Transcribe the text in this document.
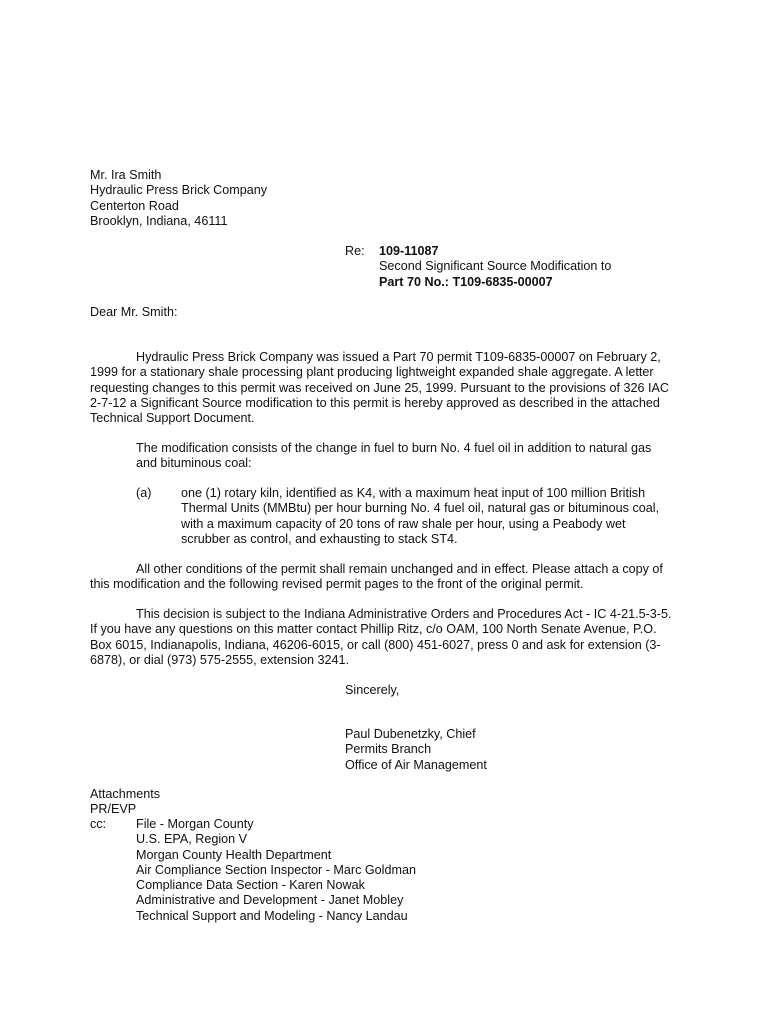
Mr. Ira Smith
Hydraulic Press Brick Company
Centerton Road
Brooklyn, Indiana, 46111
Re: 109-11087
Second Significant Source Modification to
Part 70 No.: T109-6835-00007
Dear Mr. Smith:
Hydraulic Press Brick Company was issued a Part 70 permit T109-6835-00007 on February 2,
1999 for a stationary shale processing plant producing lightweight expanded shale aggregate. A letter
requesting changes to this permit was received on June 25, 1999. Pursuant to the provisions of 326 IAC
2-7-12 a Significant Source modification to this permit is hereby approved as described in the attached
Technical Support Document.
The modification consists of the change in fuel to burn No. 4 fuel oil in addition to natural gas
and bituminous coal:
(a) one (1) rotary kiln, identified as K4, with a maximum heat input of 100 million British
Thermal Units (MMBtu) per hour burning No. 4 fuel oil, natural gas or bituminous coal,
with a maximum capacity of 20 tons of raw shale per hour, using a Peabody wet
scrubber as control, and exhausting to stack ST4.
All other conditions of the permit shall remain unchanged and in effect. Please attach a copy of
this modification and the following revised permit pages to the front of the original permit.
This decision is subject to the Indiana Administrative Orders and Procedures Act - IC 4-21.5-3-5.
If you have any questions on this matter contact Phillip Ritz, c/o OAM, 100 North Senate Avenue, P.O.
Box 6015, Indianapolis, Indiana, 46206-6015, or call (800) 451-6027, press 0 and ask for extension (3-
6878), or dial (973) 575-2555, extension 3241.
Sincerely,
Paul Dubenetzky, Chief
Permits Branch
Office of Air Management
Attachments
PR/EVP
cc: File - Morgan County
U.S. EPA, Region V
Morgan County Health Department
Air Compliance Section Inspector - Marc Goldman
Compliance Data Section - Karen Nowak
Administrative and Development - Janet Mobley
Technical Support and Modeling - Nancy Landau
